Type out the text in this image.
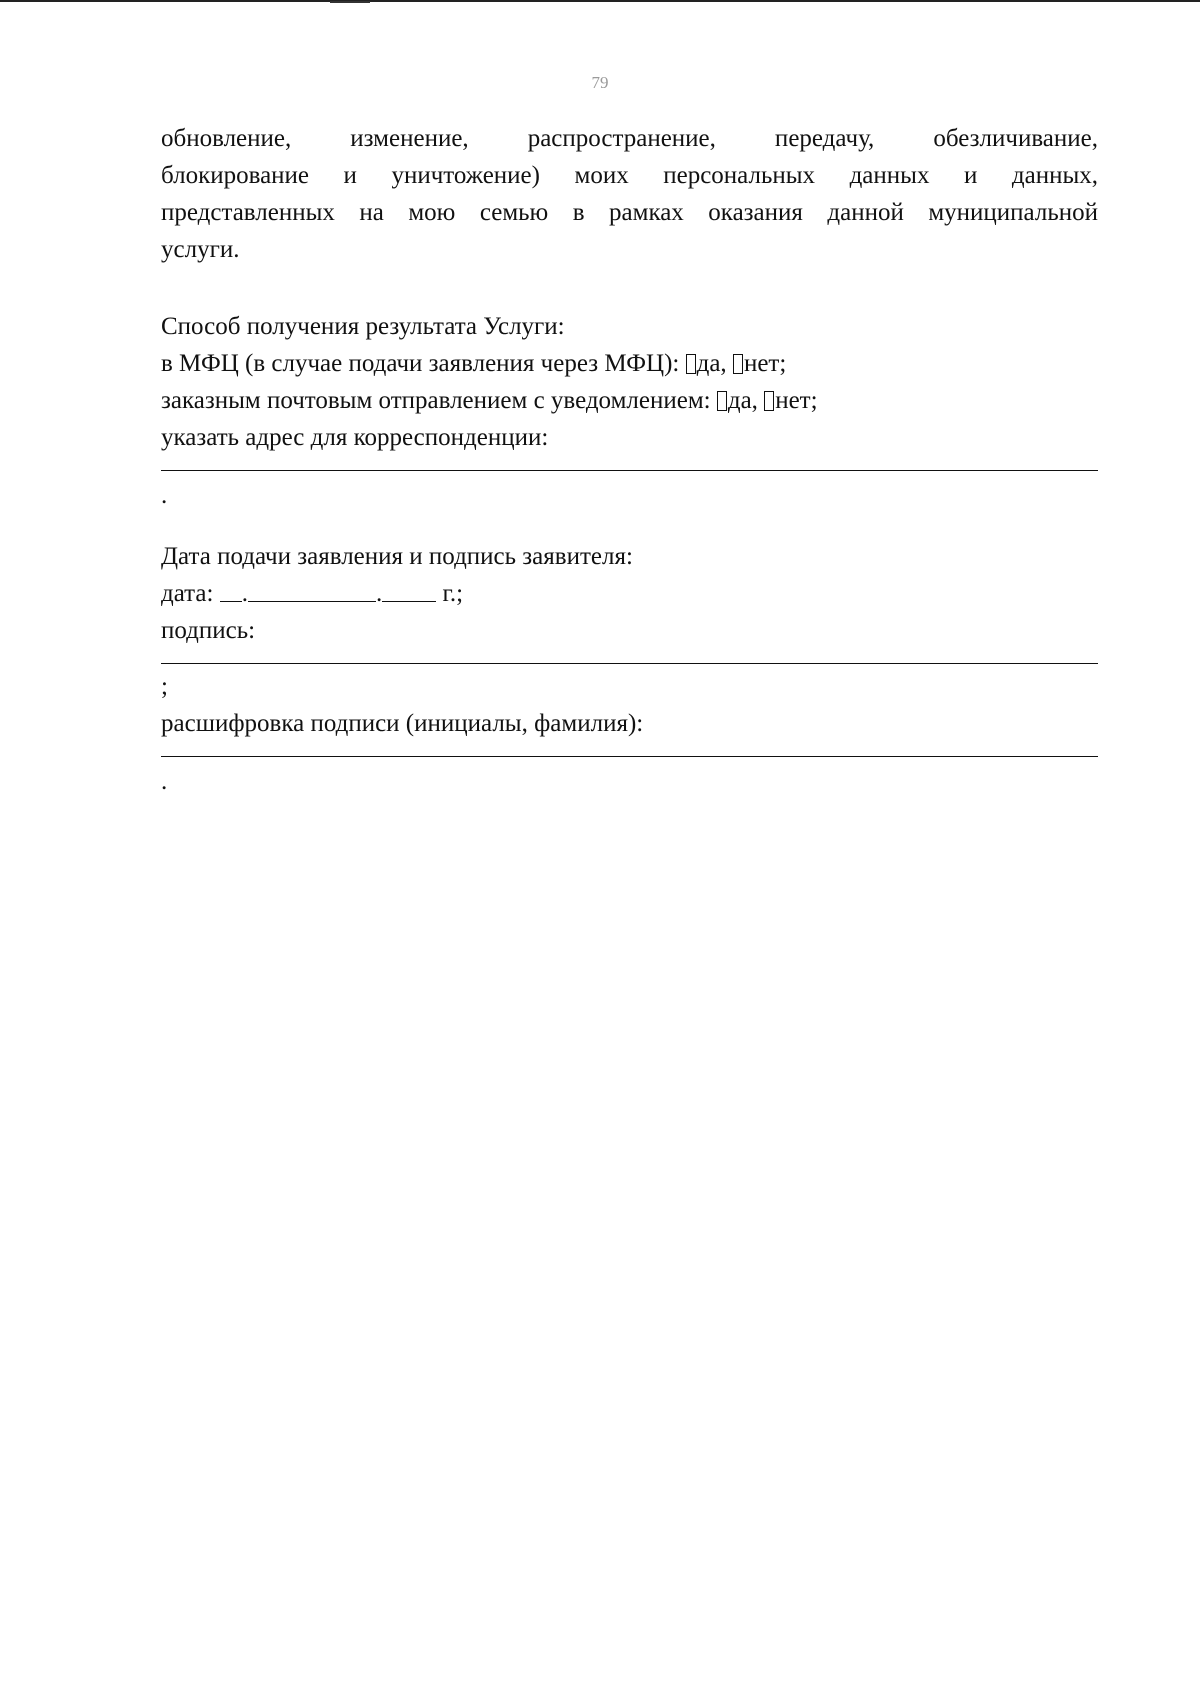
79

обновление, изменение, распространение, передачу, обезличивание,

блокирование и уничтожение) моих персональных данных и данных,

представленных на мою семью в рамках оказания данной муниципальной

услуги.

Способ получения результата Услуги:

в МФЦ (в случае подачи заявления через МФЦ): да, нет;

заказным почтовым отправлением с уведомлением: да, нет;

указать адрес для корреспонденции:

.

Дата подачи заявления и подпись заявителя:

дата: .	. г.;

подпись:

;

расшифровка подписи (инициалы, фамилия):

.
